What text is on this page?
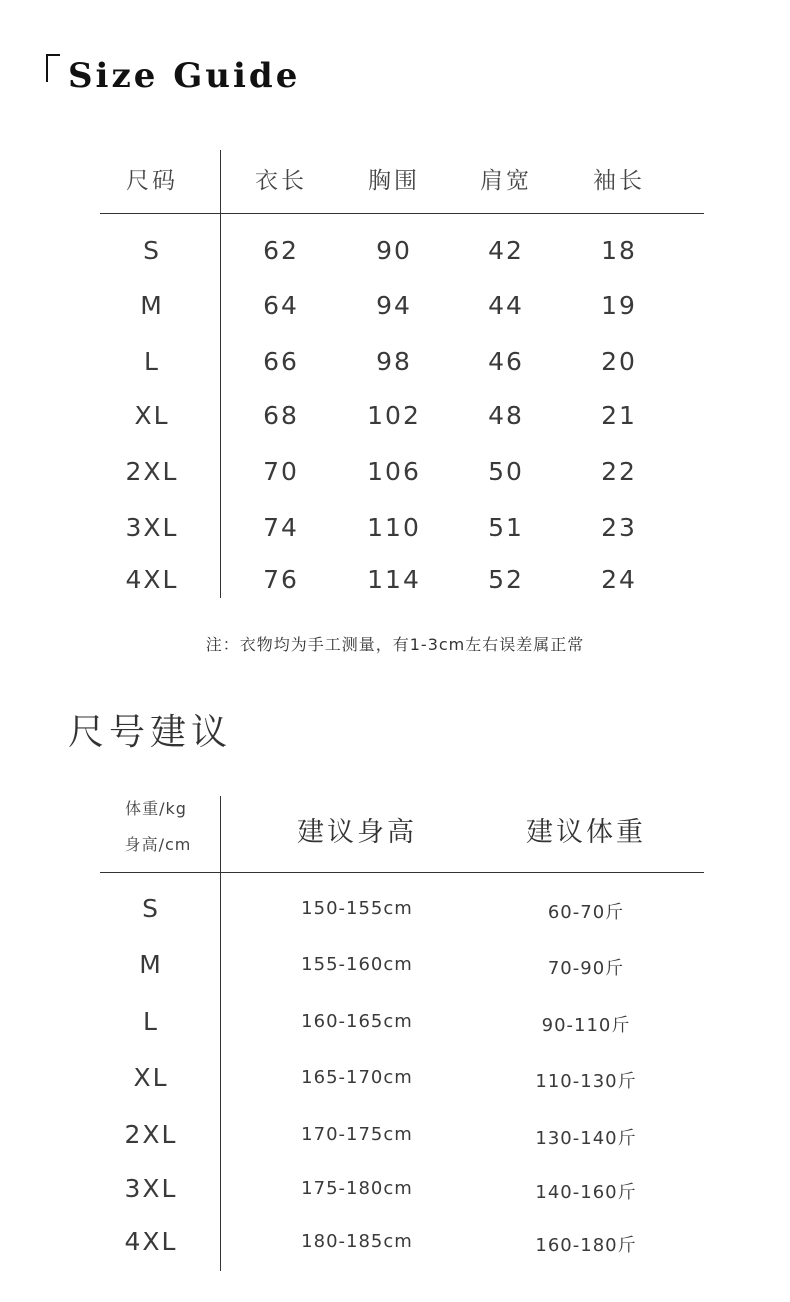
Size Guide
尺码	衣长	胸围	肩宽	袖长
S	62	90	42	18
M	64	94	44	19
L	66	98	46	20
XL	68	102	48	21
2XL	70	106	50	22
3XL	74	110	51	23
4XL	76	114	52	24
注：衣物均为手工测量，有1-3cm左右误差属正常
尺号建议
体重/kg
身高/cm	建议身高	建议体重
S	150-155cm	60-70斤
M	155-160cm	70-90斤
L	160-165cm	90-110斤
XL	165-170cm	110-130斤
2XL	170-175cm	130-140斤
3XL	175-180cm	140-160斤
4XL	180-185cm	160-180斤
